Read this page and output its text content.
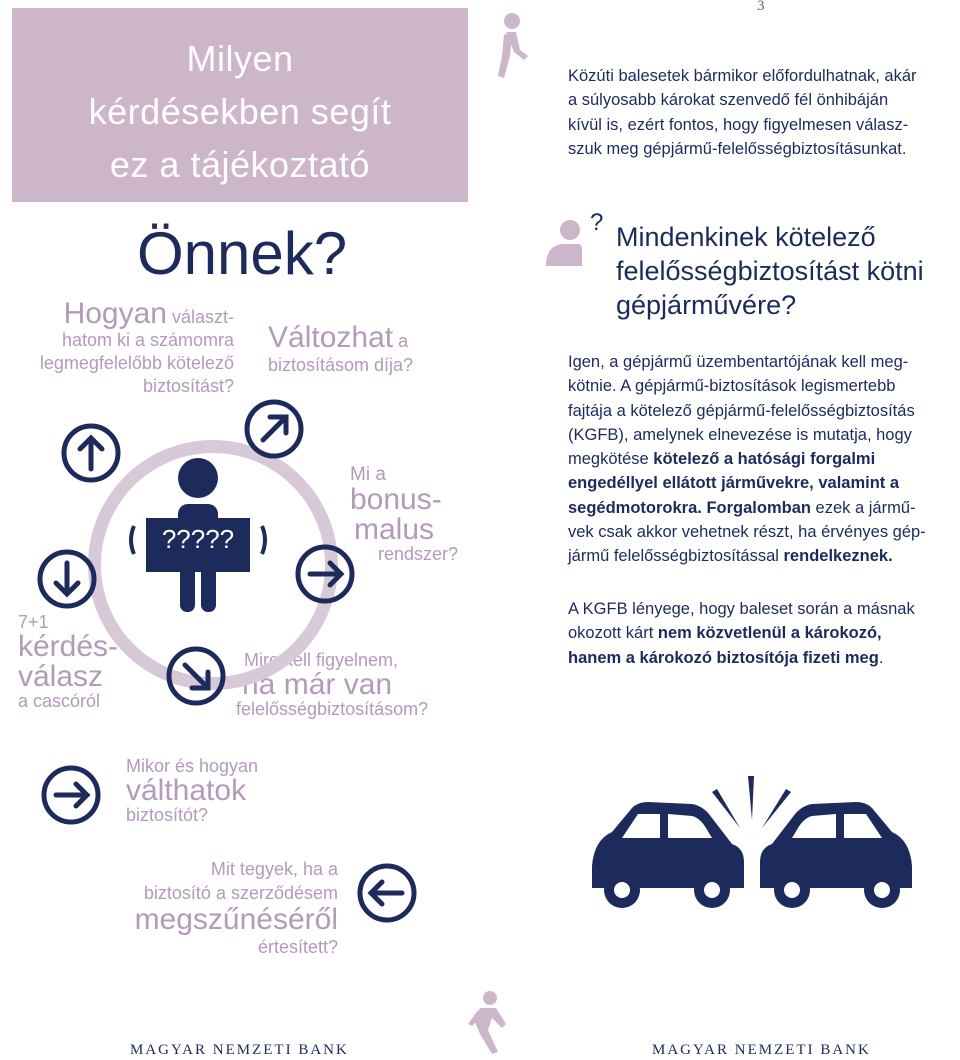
3
Milyen
kérdésekben segít
ez a tájékoztató
Önnek?
Hogyan választ-
hatom ki a számomra
legmegfelelőbb kötelező
biztosítást?
Változhat a
biztosításom díja?
Mi a
bonus-
malus
rendszer?
7+1
kérdés-
válasz
a cascóról
Mire kell figyelnem,
ha már van
felelősségbiztosításom?
Mikor és hogyan
válthatok
biztosítót?
Mit tegyek, ha a
biztosító a szerződésem
megszűnéséről
értesített?
?????
MAGYAR NEMZETI BANK
Közúti balesetek bármikor előfordulhatnak, akár
a súlyosabb károkat szenvedő fél önhibáján
kívül is, ezért fontos, hogy figyelmesen válasz-
szuk meg gépjármű-felelősségbiztosításunkat.
? Mindenkinek kötelező
felelősségbiztosítást kötni
gépjárművére?
Igen, a gépjármű üzembentartójának kell meg-
kötnie. A gépjármű-biztosítások legismertebb
fajtája a kötelező gépjármű-felelősségbiztosítás
(KGFB), amelynek elnevezése is mutatja, hogy
megkötése kötelező a hatósági forgalmi
engedéllyel ellátott járművekre, valamint a
segédmotorokra. Forgalomban ezek a jármű-
vek csak akkor vehetnek részt, ha érvényes gép-
jármű felelősségbiztosítással rendelkeznek.
A KGFB lényege, hogy baleset során a másnak
okozott kárt nem közvetlenül a károkozó,
hanem a károkozó biztosítója fizeti meg.
MAGYAR NEMZETI BANK
